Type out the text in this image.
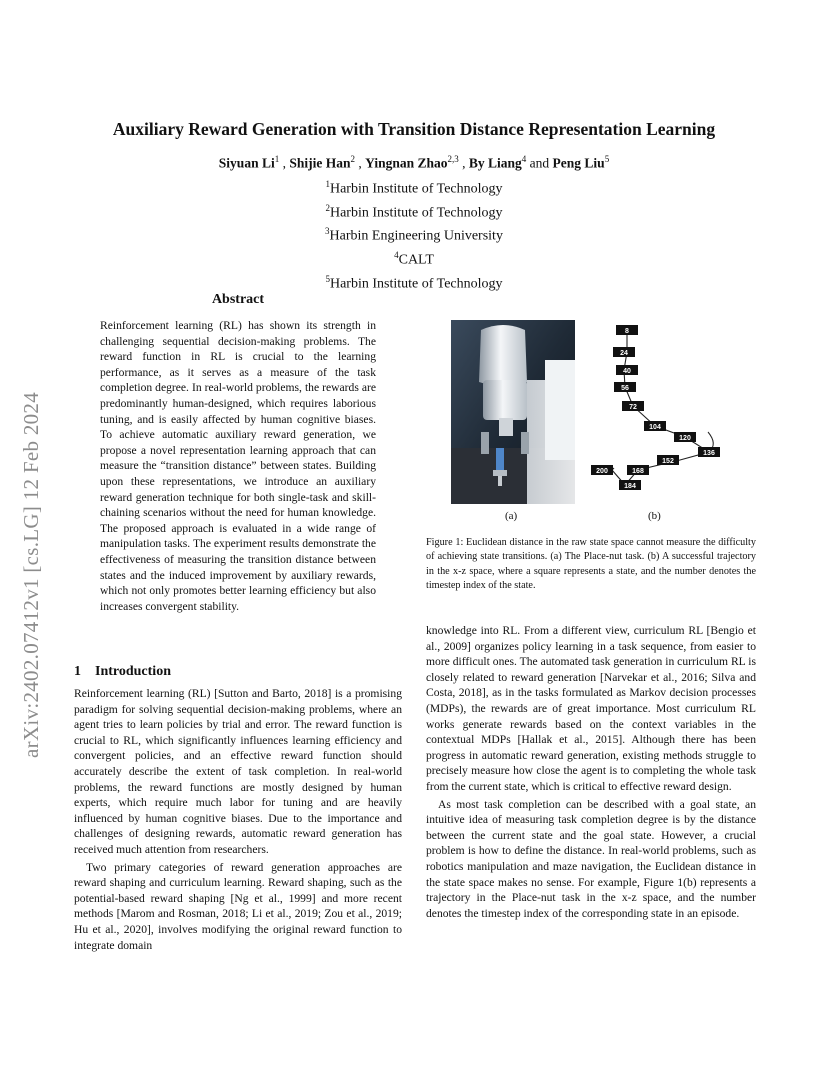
arXiv:2402.07412v1 [cs.LG] 12 Feb 2024
Auxiliary Reward Generation with Transition Distance Representation Learning
Siyuan Li$^1$ , Shijie Han$^2$ , Yingnan Zhao$^{2,3}$ , By Liang$^4$ and Peng Liu$^5$
$^1$Harbin Institute of Technology
$^2$Harbin Institute of Technology
$^3$Harbin Engineering University
$^4$CALT
$^5$Harbin Institute of Technology
Abstract
Reinforcement learning (RL) has shown its strength in challenging sequential decision-making problems. The reward function in RL is crucial to the learning performance, as it serves as a measure of the task completion degree. In real-world problems, the rewards are predominantly human-designed, which requires laborious tuning, and is easily affected by human cognitive biases. To achieve automatic auxiliary reward generation, we propose a novel representation learning approach that can measure the “transition distance” between states. Building upon these representations, we introduce an auxiliary reward generation technique for both single-task and skill-chaining scenarios without the need for human knowledge. The proposed approach is evaluated in a wide range of manipulation tasks. The experiment results demonstrate the effectiveness of measuring the transition distance between states and the induced improvement by auxiliary rewards, which not only promotes better learning efficiency but also increases convergent stability.
1 Introduction

Reinforcement learning (RL) [Sutton and Barto, 2018] is a promising paradigm for solving sequential decision-making problems, where an agent tries to learn policies by trial and error. The reward function is crucial to RL, which significantly influences learning efficiency and convergent policies, and an effective reward function should accurately describe the extent of task completion. In real-world problems, the reward functions are mostly designed by human experts, which require much labor for tuning and are heavily influenced by human cognitive biases. Due to the importance and challenges of designing rewards, automatic reward generation has received much attention from researchers.

Two primary categories of reward generation approaches are reward shaping and curriculum learning. Reward shaping, such as the potential-based reward shaping [Ng et al., 1999] and more recent methods [Marom and Rosman, 2018; Li et al., 2019; Zou et al., 2019; Hu et al., 2020], involves modifying the original reward function to integrate domain

8
24
40
56
72
104
120
136
152
168
184
200
(a)	(b)
Figure 1: Euclidean distance in the raw state space cannot measure the difficulty of achieving state transitions. (a) The Place-nut task. (b) A successful trajectory in the x-z space, where a square represents a state, and the number denotes the timestep index of the state.

knowledge into RL. From a different view, curriculum RL [Bengio et al., 2009] organizes policy learning in a task sequence, from easier to more difficult ones. The automated task generation in curriculum RL is closely related to reward generation [Narvekar et al., 2016; Silva and Costa, 2018], as in the tasks formulated as Markov decision processes (MDPs), the rewards are of great importance. Most curriculum RL works generate rewards based on the context variables in the contextual MDPs [Hallak et al., 2015]. Although there has been progress in automatic reward generation, existing methods struggle to precisely measure how close the agent is to completing the whole task from the current state, which is critical to effective reward design.

As most task completion can be described with a goal state, an intuitive idea of measuring task completion degree is by the distance between the current state and the goal state. However, a crucial problem is how to define the distance. In real-world problems, such as robotics manipulation and maze navigation, the Euclidean distance in the state space makes no sense. For example, Figure 1(b) represents a trajectory in the Place-nut task in the x-z space, and the number denotes the timestep index of the corresponding state in an episode.
